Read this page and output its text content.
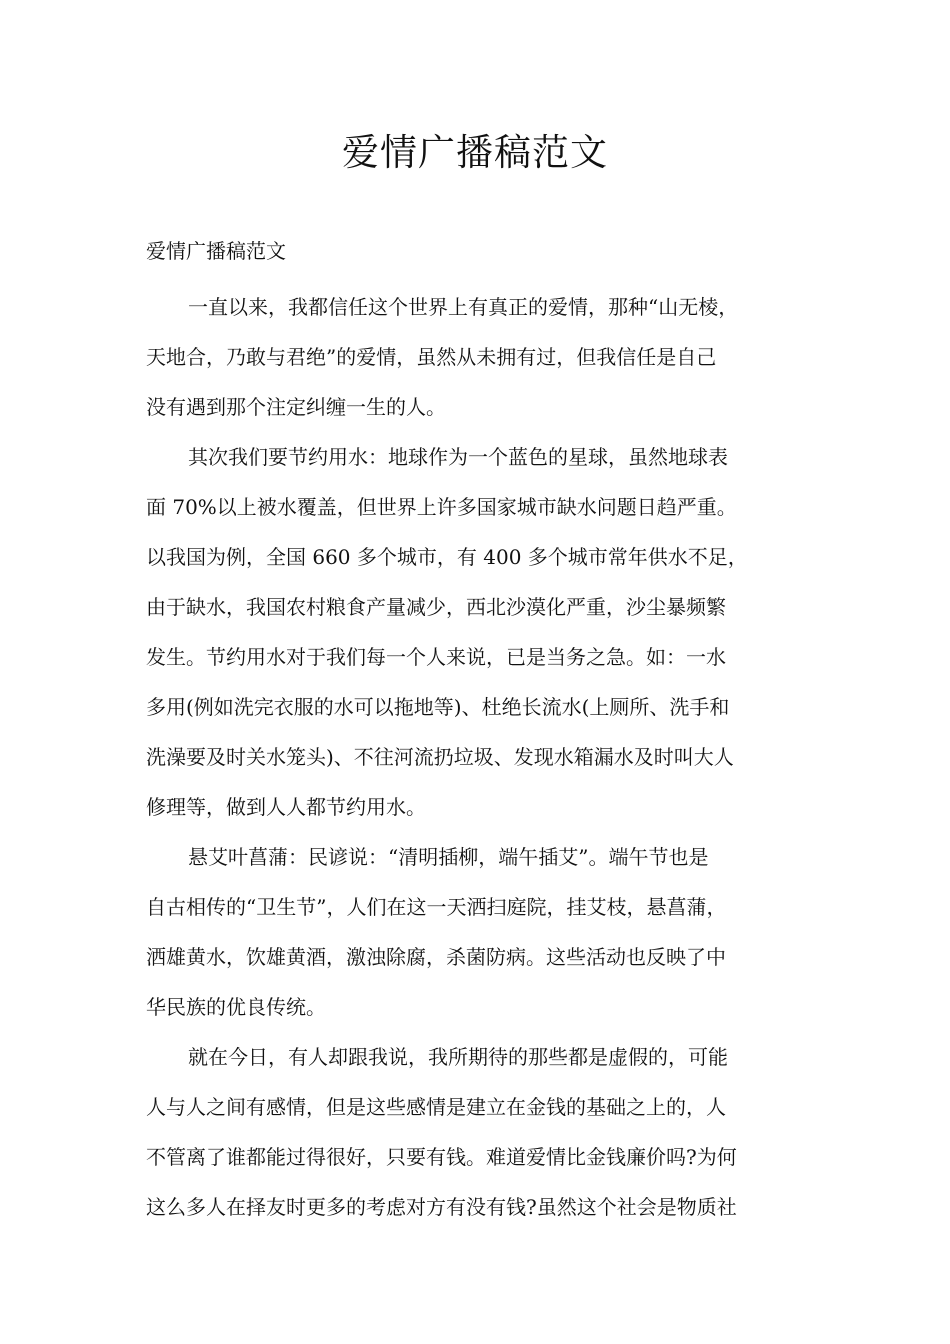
爱情广播稿范文

爱情广播稿范文

一直以来，我都信任这个世界上有真正的爱情，那种“山无棱，
天地合，乃敢与君绝”的爱情，虽然从未拥有过，但我信任是自己
没有遇到那个注定纠缠一生的人。
其次我们要节约用水：地球作为一个蓝色的星球，虽然地球表
面 70%以上被水覆盖，但世界上许多国家城市缺水问题日趋严重。
以我国为例，全国 660 多个城市，有 400 多个城市常年供水不足，
由于缺水，我国农村粮食产量减少，西北沙漠化严重，沙尘暴频繁
发生。节约用水对于我们每一个人来说，已是当务之急。如：一水
多用(例如洗完衣服的水可以拖地等)、杜绝长流水(上厕所、洗手和
洗澡要及时关水笼头)、不往河流扔垃圾、发现水箱漏水及时叫大人
修理等，做到人人都节约用水。
悬艾叶菖蒲：民谚说：“清明插柳，端午插艾”。端午节也是
自古相传的“卫生节”，人们在这一天洒扫庭院，挂艾枝，悬菖蒲，
洒雄黄水，饮雄黄酒，激浊除腐，杀菌防病。这些活动也反映了中
华民族的优良传统。
就在今日，有人却跟我说，我所期待的那些都是虚假的，可能
人与人之间有感情，但是这些感情是建立在金钱的基础之上的，人
不管离了谁都能过得很好，只要有钱。难道爱情比金钱廉价吗?为何
这么多人在择友时更多的考虑对方有没有钱?虽然这个社会是物质社
